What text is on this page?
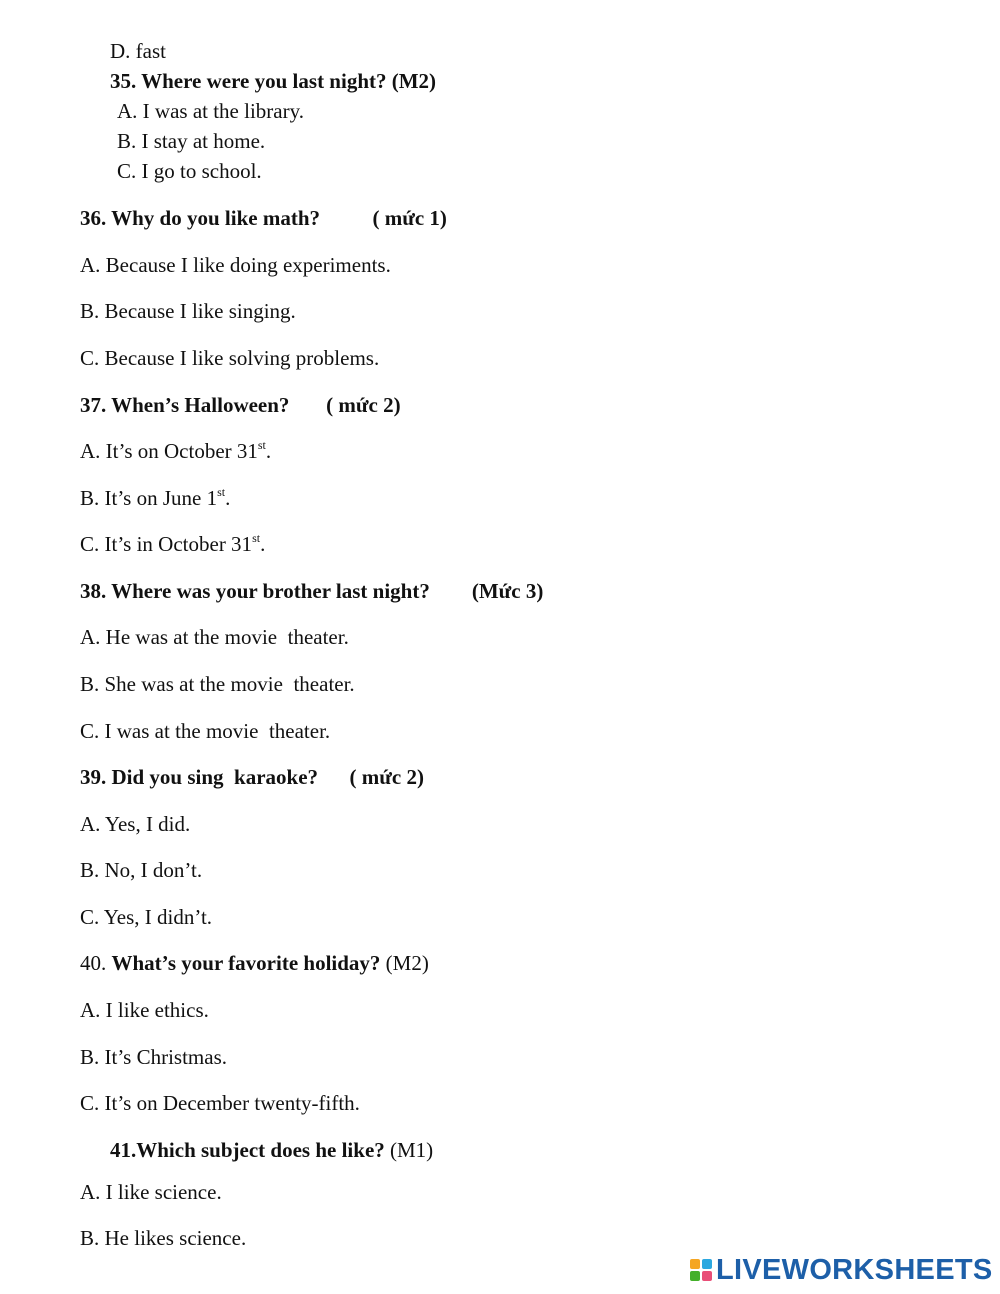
D. fast
35. Where were you last night? (M2)
A. I was at the library.
B. I stay at home.
C. I go to school.
36. Why do you like math?          ( mức 1)
A. Because I like doing experiments.
B. Because I like singing.
C. Because I like solving problems.
37. When’s Halloween?       ( mức 2)
A. It’s on October 31st.
B. It’s on June 1st.
C. It’s in October 31st.
38. Where was your brother last night?        (Mức 3)
A. He was at the movie  theater.
B. She was at the movie  theater.
C. I was at the movie  theater.
39. Did you sing  karaoke?      ( mức 2)
A. Yes, I did.
B. No, I don’t.
C. Yes, I didn’t.
40. What’s your favorite holiday? (M2)
A. I like ethics.
B. It’s Christmas.
C. It’s on December twenty-fifth.
41.Which subject does he like? (M1)
A. I like science.
B. He likes science.
LIVEWORKSHEETS
